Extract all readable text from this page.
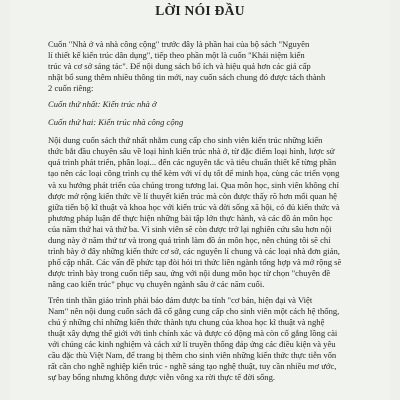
LỜI NÓI ĐẦU

Cuốn "Nhà ở và nhà công cộng" trước đây là phần hai của bộ sách "Nguyên
lí thiết kế kiến trúc dân dụng", tiếp theo phần một là cuốn "Khái niệm kiến
trúc và cơ sở sáng tác". Để nội dung sách bổ ích và hiệu quả hơn các giả cấp
nhật bổ sung thêm nhiều thông tin mới, nay cuốn sách chung đó được tách thành
2 cuốn riêng:

Cuốn thứ nhất: Kiến trúc nhà ở

Cuốn thứ hai: Kiến trúc nhà công cộng

Nội dung cuốn sách thứ nhất nhằm cung cấp cho sinh viên kiến trúc những kiến
thức bắt đầu chuyên sâu về loại hình kiến trúc nhà ở, từ đặc điểm loại hình, lược sử
quá trình phát triển, phân loại... đến các nguyên tắc và tiêu chuẩn thiết kế từng phần
tạo nên các loại công trình cụ thể kèm với ví dụ tốt để minh họa, cùng các triển vọng
và xu hướng phát triển của chúng trong tương lai. Qua môn học, sinh viên không chỉ
được mở rộng kiến thức về lí thuyết kiến trúc mà còn được thấy rõ hơn mối quan hệ
giữa tiến bộ kĩ thuật và khoa học với kiến trúc và đời sống xã hội, có đủ kiến thức và
phương pháp luận để thực hiện những bài tập lớn thực hành, và các đồ án môn học
của năm thứ hai và thứ ba. Vì sinh viên sẽ còn được trở lại nghiên cứu sâu hơn nội
dung này ở năm thứ tư và trong quá trình làm đồ án môn học, nên chúng tôi sẽ chỉ
trình bày ở đây những kiến thức cơ sở, các nguyên lí chung và các loại nhà đơn giản,
phổ cập nhất. Các vấn đề phức tạp đòi hỏi tri thức liên ngành tổng hợp và mở rộng sẽ
được trình bày trong cuốn tiếp sau, ứng với nội dung môn học từ chọn "chuyên đề
nâng cao kiến trúc" phục vụ chuyên ngành sâu ở các năm cuối.

Trên tinh thần giáo trình phải bảo đảm được ba tính "cơ bản, hiện đại và Việt
Nam" nên nội dung cuốn sách đã cố gắng cung cấp cho sinh viên một cách hệ thống,
chú ý những chỉ những kiến thức thành tựu chung của khoa học kĩ thuật và nghệ
thuật xây dựng thế giới với tình chính xác và được có động mà còn cố gắng lồng cài
với chúng các kinh nghiệm và cách xử lí truyền thống đáp ứng các điều kiện và yêu
cầu đặc thù Việt Nam, để trang bị thêm cho sinh viên những kiến thức thực tiễn vốn
rất cần cho nghề nghiệp kiến trúc - nghề sáng tạo nghệ thuật, tuy cần nhiều mơ ước,
sự bay bổng nhưng không được viễn vông xa rời thực tế đời sống.
